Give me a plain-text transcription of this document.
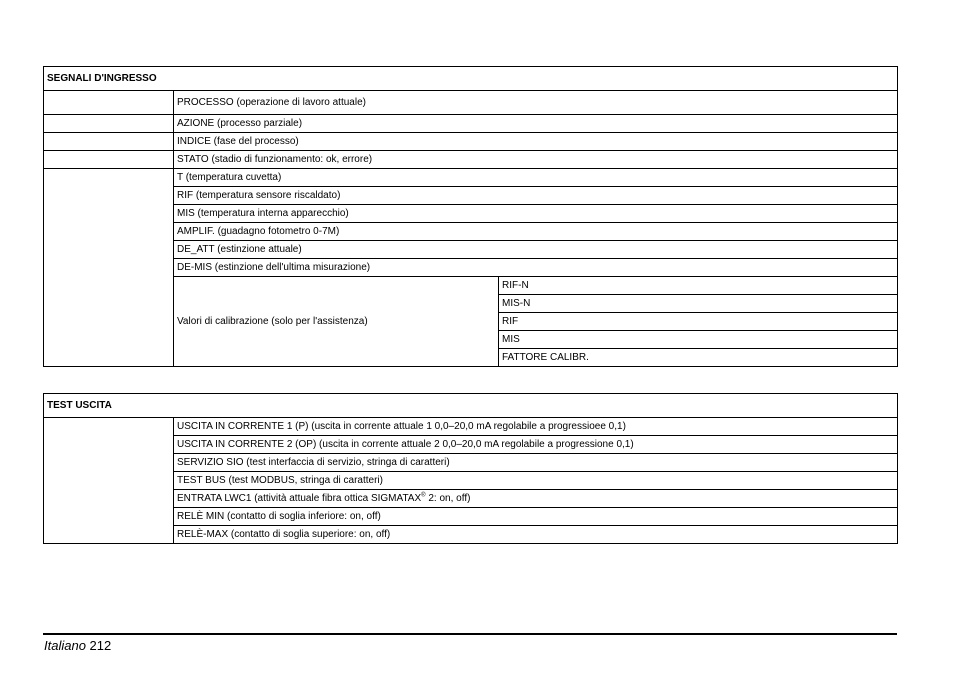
SEGNALI D'INGRESSO		
	PROCESSO (operazione di lavoro attuale)	
	AZIONE (processo parziale)	
	INDICE (fase del processo)	
	STATO (stadio di funzionamento: ok, errore)	
	T (temperatura cuvetta)	
	RIF (temperatura sensore riscaldato)	
	MIS (temperatura interna apparecchio)	
	AMPLIF. (guadagno fotometro 0-7M)	
	DE_ATT (estinzione attuale)	
	DE-MIS (estinzione dell'ultima misurazione)	
	Valori di calibrazione (solo per l'assistenza)	RIF-N
		MIS-N
		RIF
		MIS
		FATTORE CALIBR.
TEST USCITA
	USCITA IN CORRENTE 1 (P) (uscita in corrente attuale 1 0,0–20,0 mA regolabile a progressioee 0,1)
USCITA IN CORRENTE 2 (OP) (uscita in corrente attuale 2 0,0–20,0 mA regolabile a progressione 0,1)
SERVIZIO SIO (test interfaccia di servizio, stringa di caratteri)
TEST BUS (test MODBUS, stringa di caratteri)
ENTRATA LWC1 (attività attuale fibra ottica SIGMATAX® 2: on, off)
RELÈ MIN (contatto di soglia inferiore: on, off)
RELÈ-MAX (contatto di soglia superiore: on, off)
Italiano 212
